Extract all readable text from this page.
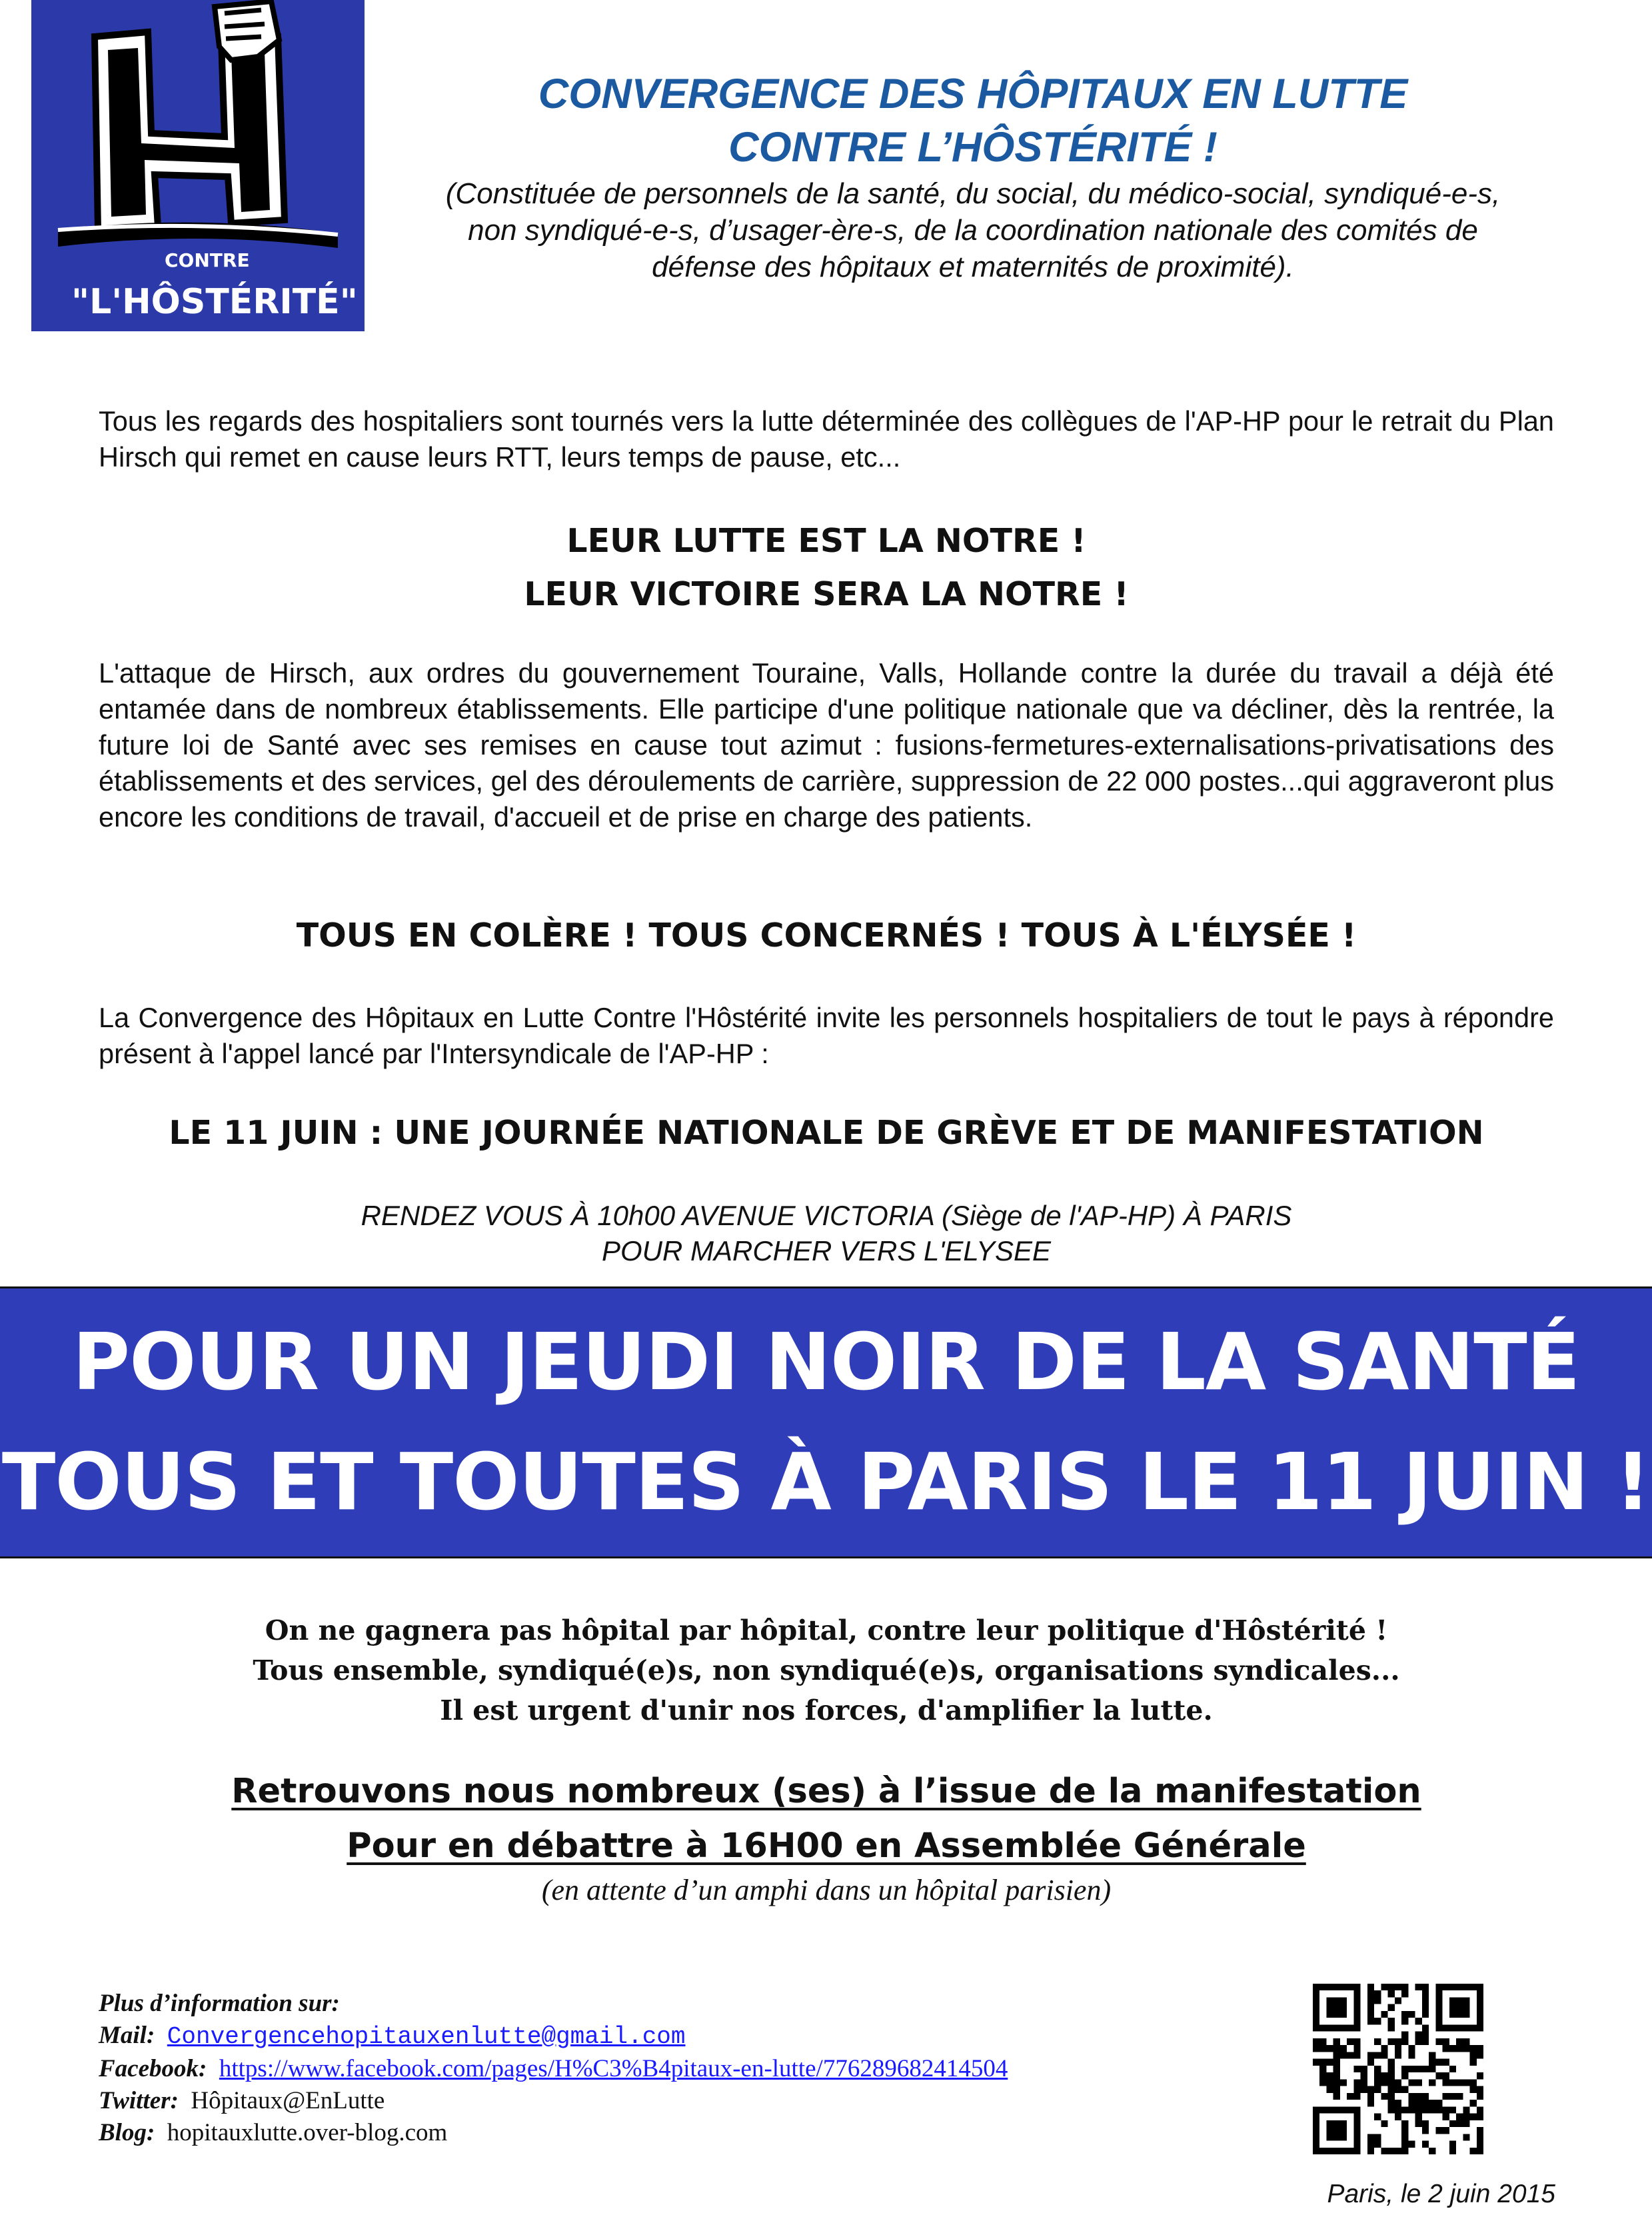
CONTRE
"L'HÔSTÉRITÉ"
CONVERGENCE DES HÔPITAUX EN LUTTE
CONTRE L’HÔSTÉRITÉ !
(Constituée de personnels de la santé, du social, du médico-social, syndiqué-e-s,
non syndiqué-e-s, d’usager-ère-s, de la coordination nationale des comités de
défense des hôpitaux et maternités de proximité).
Tous les regards des hospitaliers sont tournés vers la lutte déterminée des collègues de l'AP-HP pour le retrait du Plan Hirsch qui remet en cause leurs RTT, leurs temps de pause, etc...
LEUR LUTTE EST LA NOTRE !
LEUR VICTOIRE SERA LA NOTRE !
L'attaque de Hirsch, aux ordres du gouvernement Touraine, Valls, Hollande contre la durée du travail a déjà été entamée dans de nombreux établissements. Elle participe d'une politique nationale que va décliner, dès la rentrée, la future loi de Santé avec ses remises en cause tout azimut : fusions-fermetures-externalisations-privatisations des établissements et des services, gel des déroulements de carrière, suppression de 22 000 postes...qui aggraveront plus encore les conditions de travail, d'accueil et de prise en charge des patients.
TOUS EN COLÈRE ! TOUS CONCERNÉS ! TOUS À L'ÉLYSÉE !
La Convergence des Hôpitaux en Lutte Contre l'Hôstérité invite les personnels hospitaliers de tout le pays à répondre présent à l'appel lancé par l'Intersyndicale de l'AP-HP :
LE 11 JUIN : UNE JOURNÉE NATIONALE DE GRÈVE ET DE MANIFESTATION
RENDEZ VOUS À 10h00 AVENUE VICTORIA (Siège de l'AP-HP) À PARIS
POUR MARCHER VERS L'ELYSEE
POUR UN JEUDI NOIR DE LA SANTÉ
TOUS ET TOUTES À PARIS LE 11 JUIN !
On ne gagnera pas hôpital par hôpital, contre leur politique d'Hôstérité !
Tous ensemble, syndiqué(e)s, non syndiqué(e)s, organisations syndicales...
Il est urgent d'unir nos forces, d'amplifier la lutte.
Retrouvons nous nombreux (ses) à l’issue de la manifestation
Pour en débattre à 16H00 en Assemblée Générale
(en attente d’un amphi dans un hôpital parisien)
Plus d’information sur:
Mail: Convergencehopitauxenlutte@gmail.com
Facebook: https://www.facebook.com/pages/H%C3%B4pitaux-en-lutte/776289682414504
Twitter: Hôpitaux@EnLutte
Blog: hopitauxlutte.over-blog.com
Paris, le 2 juin 2015
